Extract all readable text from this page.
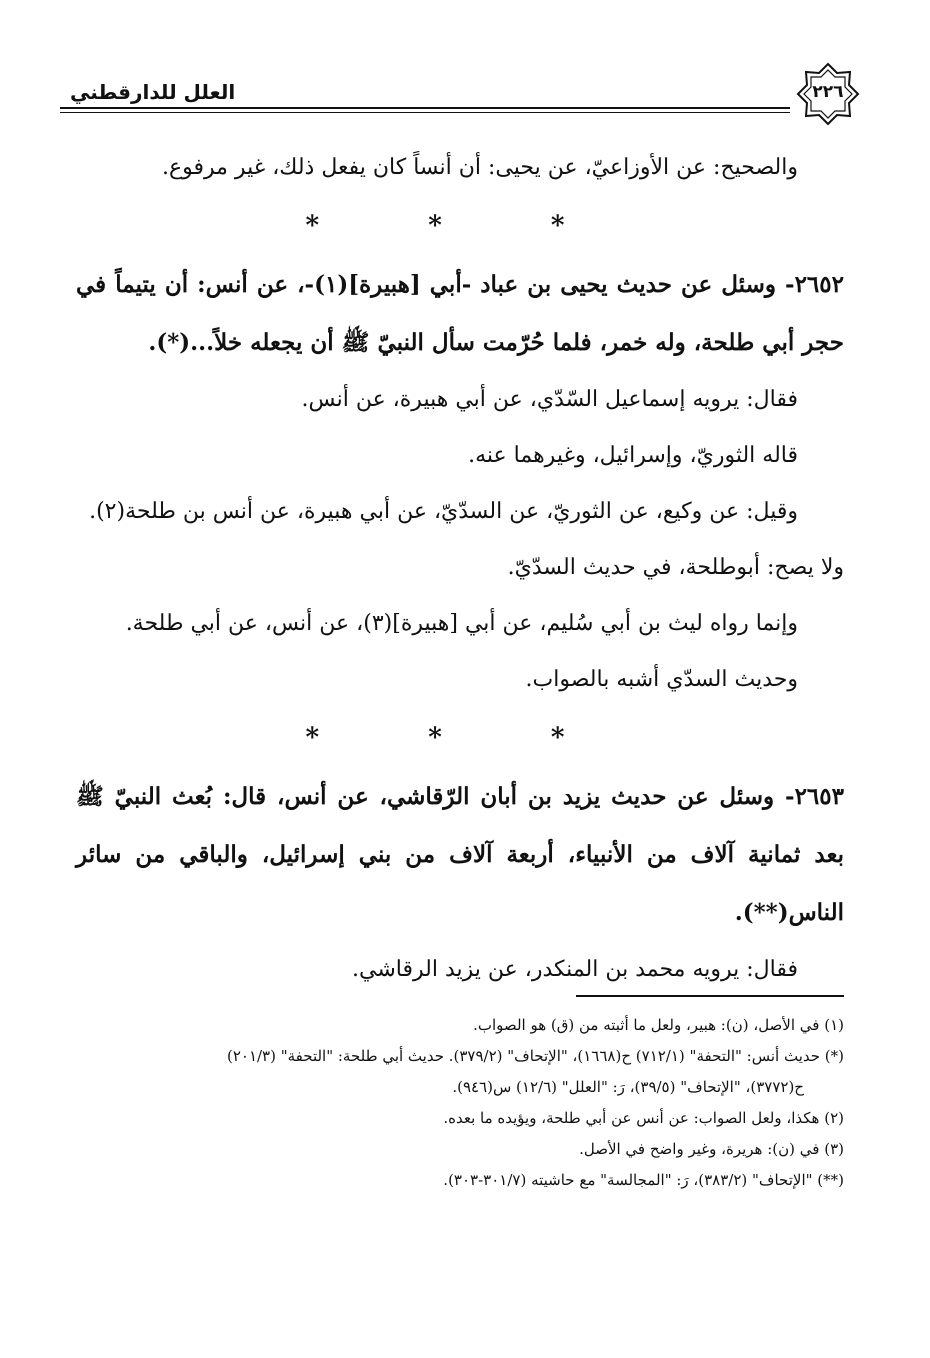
العلل للدارقطني	٢٢٦

والصحيح: عن الأوزاعيّ، عن يحيى: أن أنساً كان يفعل ذلك، غير مرفوع.

* * *

٢٦٥٢- وسئل عن حديث يحيى بن عباد -أبي [هبيرة](١)-، عن أنس: أن يتيماً في حجر أبي طلحة، وله خمر، فلما حُرّمت سأل النبيّ ﷺ أن يجعله خلاً...(*).

فقال: يرويه إسماعيل السّدّي، عن أبي هبيرة، عن أنس.

قاله الثوريّ، وإسرائيل، وغيرهما عنه.

وقيل: عن وكيع، عن الثوريّ، عن السدّيّ، عن أبي هبيرة، عن أنس بن طلحة(٢).

ولا يصح: أبوطلحة، في حديث السدّيّ.

وإنما رواه ليث بن أبي سُليم، عن أبي [هبيرة](٣)، عن أنس، عن أبي طلحة.

وحديث السدّي أشبه بالصواب.

* * *

٢٦٥٣- وسئل عن حديث يزيد بن أبان الرّقاشي، عن أنس، قال: بُعث النبيّ ﷺ بعد ثمانية آلاف من الأنبياء، أربعة آلاف من بني إسرائيل، والباقي من سائر الناس(**).

فقال: يرويه محمد بن المنكدر، عن يزيد الرقاشي.

(١) في الأصل، (ن): هبير، ولعل ما أثبته من (ق) هو الصواب.

(*) حديث أنس: "التحفة" (٧١٢/١) ح(١٦٦٨)، "الإتحاف" (٣٧٩/٢). حديث أبي طلحة: "التحفة" (٢٠١/٣)

ح(٣٧٧٢)، "الإتحاف" (٣٩/٥)، رَ: "العلل" (١٢/٦) س(٩٤٦).

(٢) هكذا، ولعل الصواب: عن أنس عن أبي طلحة، ويؤيده ما بعده.

(٣) في (ن): هريرة، وغير واضح في الأصل.

(**) "الإتحاف" (٣٨٣/٢)، رَ: "المجالسة" مع حاشيته (٣٠١/٧-٣٠٣).
